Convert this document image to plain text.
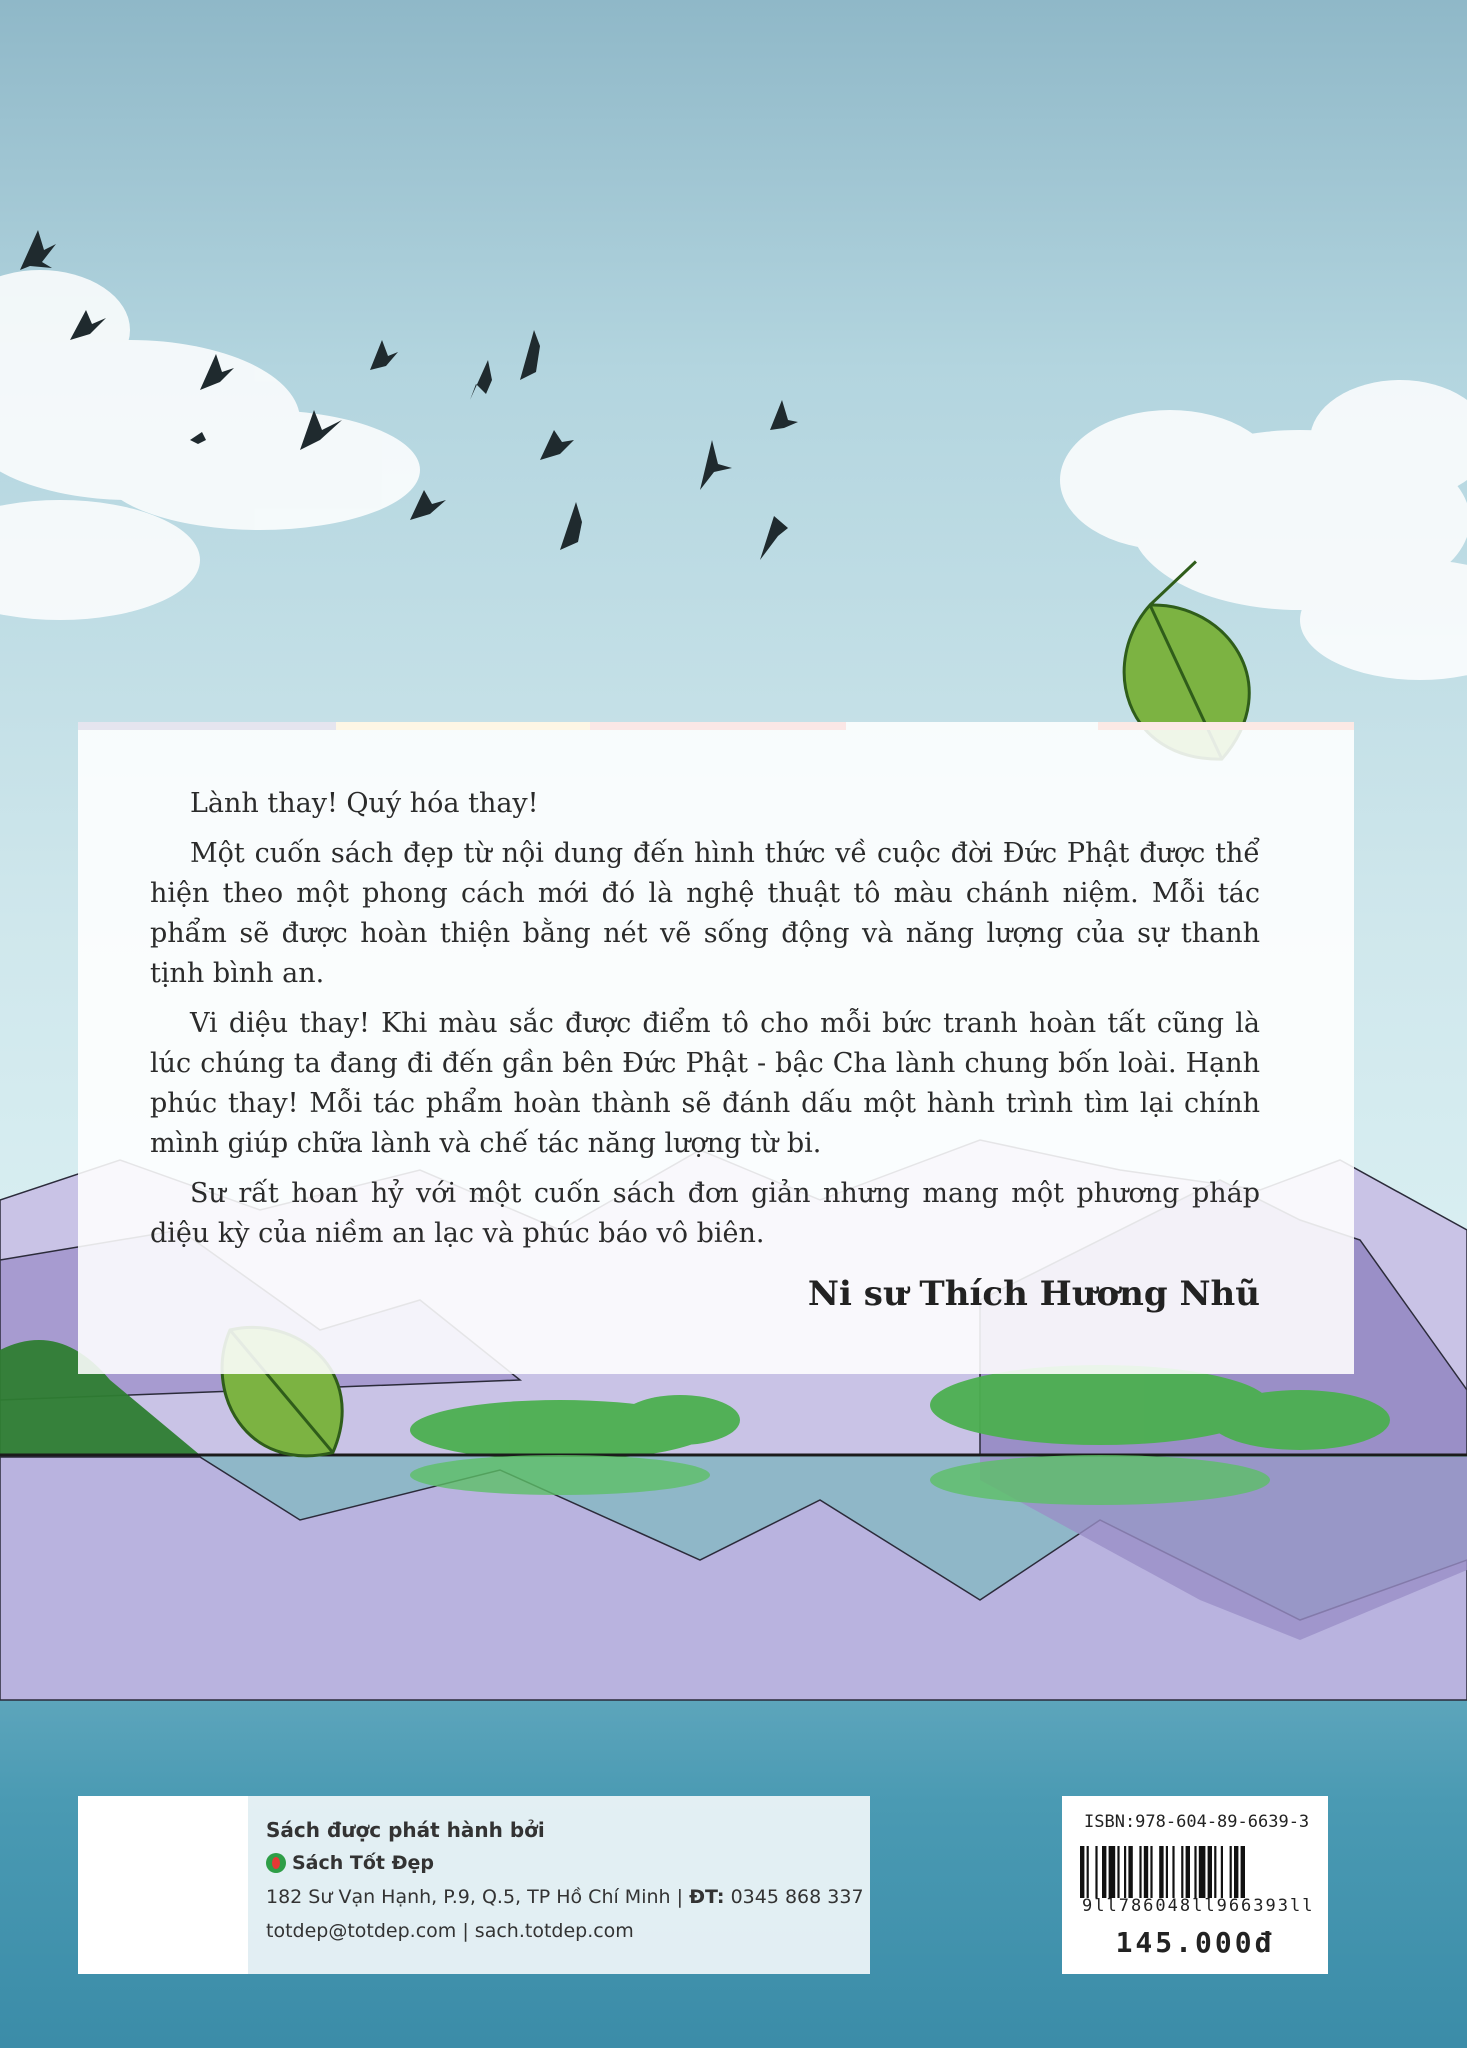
Lành thay! Quý hóa thay!

Một cuốn sách đẹp từ nội dung đến hình thức về cuộc đời Đức Phật được thể hiện theo một phong cách mới đó là nghệ thuật tô màu chánh niệm. Mỗi tác phẩm sẽ được hoàn thiện bằng nét vẽ sống động và năng lượng của sự thanh tịnh bình an.

Vi diệu thay! Khi màu sắc được điểm tô cho mỗi bức tranh hoàn tất cũng là lúc chúng ta đang đi đến gần bên Đức Phật - bậc Cha lành chung bốn loài. Hạnh phúc thay! Mỗi tác phẩm hoàn thành sẽ đánh dấu một hành trình tìm lại chính mình giúp chữa lành và chế tác năng lượng từ bi.

Sư rất hoan hỷ với một cuốn sách đơn giản nhưng mang một phương pháp diệu kỳ của niềm an lạc và phúc báo vô biên.

Ni sư Thích Hương Nhũ
Sách được phát hành bởi
Sách Tốt Đẹp
182 Sư Vạn Hạnh, P.9, Q.5, TP Hồ Chí Minh | ĐT: 0345 868 337
totdep@totdep.com | sach.totdep.com
ISBN:978-604-89-6639-3
9ll786048ll966393ll
145.000đ
